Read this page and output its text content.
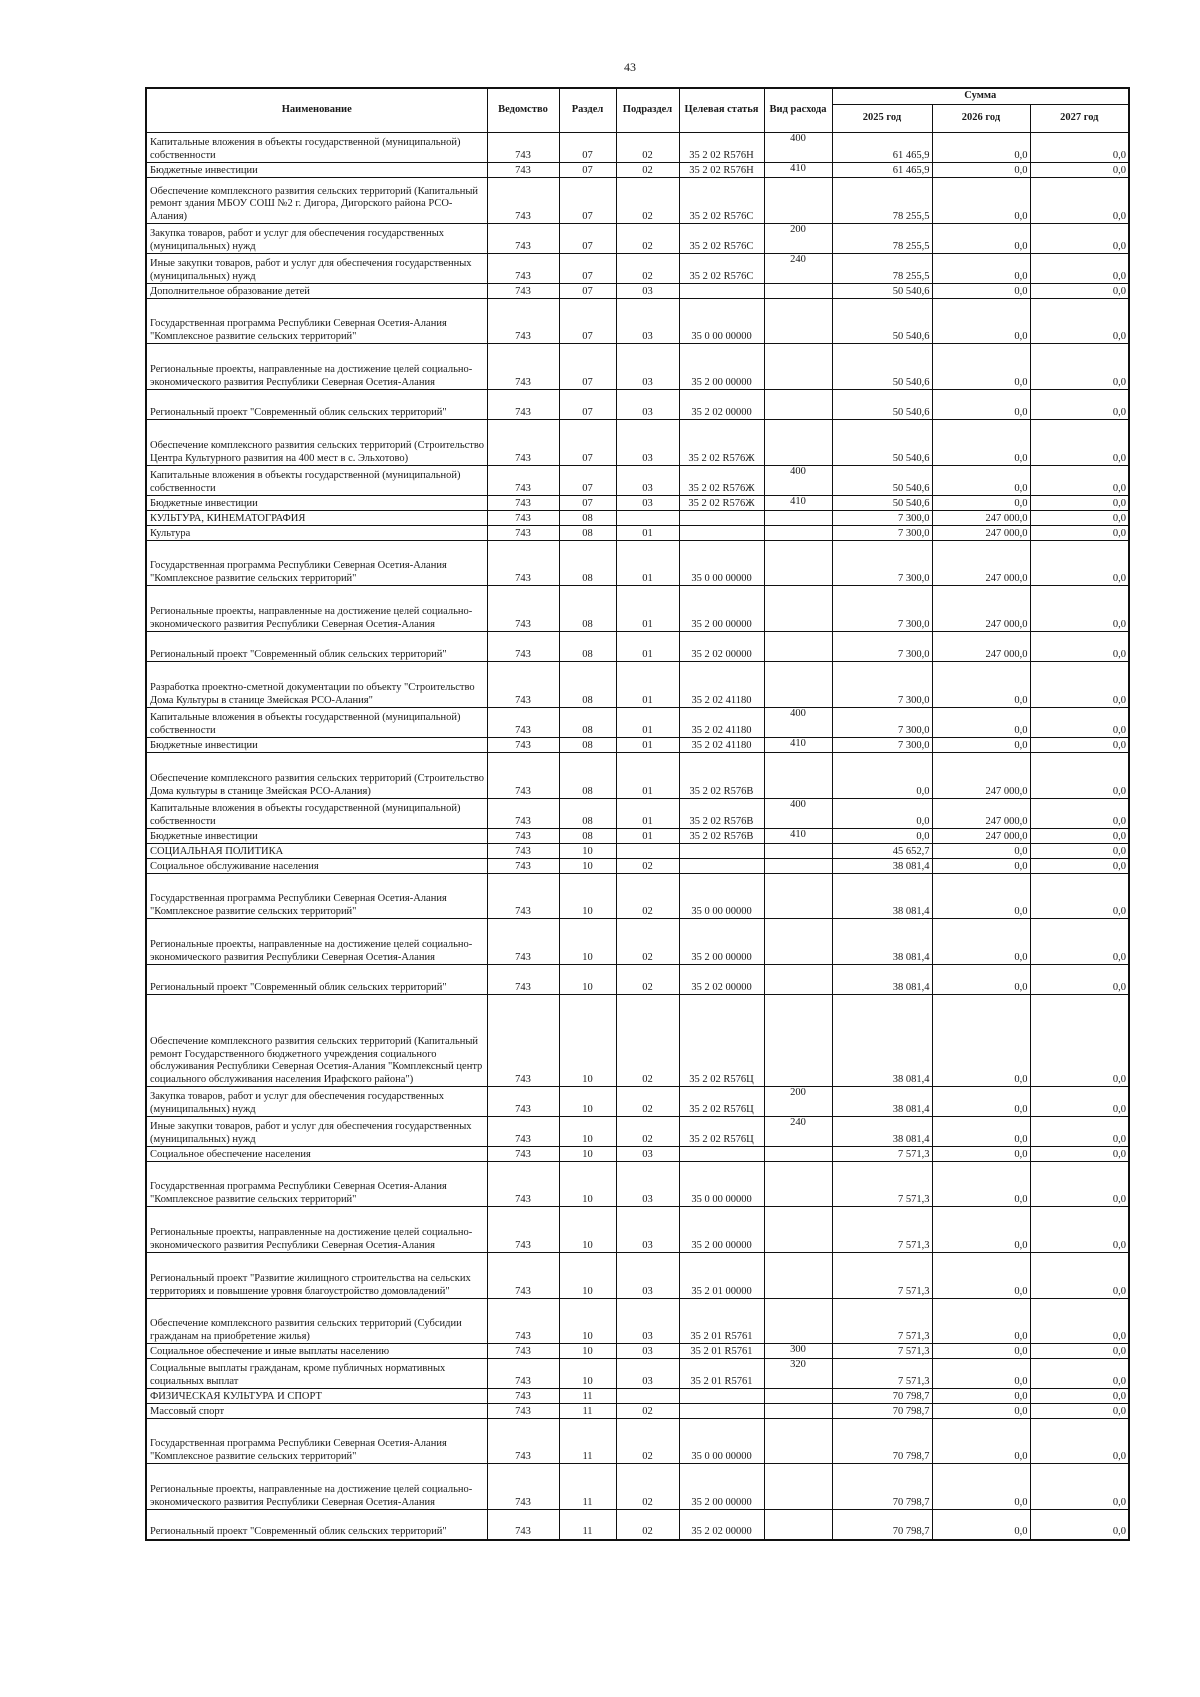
43
Наименование	Ведомство	Раздел	Подраздел	Целевая статья	Вид расхода	Сумма		
						2025 год	2026 год	2027 год
Капитальные вложения в объекты государственной (муниципальной) собственности	743	07	02	35 2 02 R576Н	400	61 465,9	0,0	0,0
Бюджетные инвестиции	743	07	02	35 2 02 R576Н	410	61 465,9	0,0	0,0
Обеспечение комплексного развития сельских территорий (Капитальный ремонт здания МБОУ СОШ №2 г. Дигора, Дигорского района РСО-Алания)	743	07	02	35 2 02 R576С		78 255,5	0,0	0,0
Закупка товаров, работ и услуг для обеспечения государственных (муниципальных) нужд	743	07	02	35 2 02 R576С	200	78 255,5	0,0	0,0
Иные закупки товаров, работ и услуг для обеспечения государственных (муниципальных) нужд	743	07	02	35 2 02 R576С	240	78 255,5	0,0	0,0
Дополнительное образование детей	743	07	03			50 540,6	0,0	0,0
Государственная программа Республики Северная Осетия-Алания "Комплексное развитие сельских территорий"	743	07	03	35 0 00 00000		50 540,6	0,0	0,0
Региональные проекты, направленные на достижение целей социально-экономического развития Республики Северная Осетия-Алания	743	07	03	35 2 00 00000		50 540,6	0,0	0,0
Региональный проект "Современный облик сельских территорий"	743	07	03	35 2 02 00000		50 540,6	0,0	0,0
Обеспечение комплексного развития сельских территорий (Строительство Центра Культурного развития на 400 мест в с. Эльхотово)	743	07	03	35 2 02 R576Ж		50 540,6	0,0	0,0
Капитальные вложения в объекты государственной (муниципальной) собственности	743	07	03	35 2 02 R576Ж	400	50 540,6	0,0	0,0
Бюджетные инвестиции	743	07	03	35 2 02 R576Ж	410	50 540,6	0,0	0,0
КУЛЬТУРА, КИНЕМАТОГРАФИЯ	743	08				7 300,0	247 000,0	0,0
Культура	743	08	01			7 300,0	247 000,0	0,0
Государственная программа Республики Северная Осетия-Алания "Комплексное развитие сельских территорий"	743	08	01	35 0 00 00000		7 300,0	247 000,0	0,0
Региональные проекты, направленные на достижение целей социально-экономического развития Республики Северная Осетия-Алания	743	08	01	35 2 00 00000		7 300,0	247 000,0	0,0
Региональный проект "Современный облик сельских территорий"	743	08	01	35 2 02 00000		7 300,0	247 000,0	0,0
Разработка проектно-сметной документации по объекту "Строительство Дома Культуры в станице Змейская РСО-Алания"	743	08	01	35 2 02 41180		7 300,0	0,0	0,0
Капитальные вложения в объекты государственной (муниципальной) собственности	743	08	01	35 2 02 41180	400	7 300,0	0,0	0,0
Бюджетные инвестиции	743	08	01	35 2 02 41180	410	7 300,0	0,0	0,0
Обеспечение комплексного развития сельских территорий (Строительство Дома культуры в станице Змейская РСО-Алания)	743	08	01	35 2 02 R576В		0,0	247 000,0	0,0
Капитальные вложения в объекты государственной (муниципальной) собственности	743	08	01	35 2 02 R576В	400	0,0	247 000,0	0,0
Бюджетные инвестиции	743	08	01	35 2 02 R576В	410	0,0	247 000,0	0,0
СОЦИАЛЬНАЯ ПОЛИТИКА	743	10				45 652,7	0,0	0,0
Социальное обслуживание населения	743	10	02			38 081,4	0,0	0,0
Государственная программа Республики Северная Осетия-Алания "Комплексное развитие сельских территорий"	743	10	02	35 0 00 00000		38 081,4	0,0	0,0
Региональные проекты, направленные на достижение целей социально-экономического развития Республики Северная Осетия-Алания	743	10	02	35 2 00 00000		38 081,4	0,0	0,0
Региональный проект "Современный облик сельских территорий"	743	10	02	35 2 02 00000		38 081,4	0,0	0,0
Обеспечение комплексного развития сельских территорий (Капитальный ремонт Государственного бюджетного учреждения социального обслуживания Республики Северная Осетия-Алания "Комплексный центр социального обслуживания населения Ирафского района")	743	10	02	35 2 02 R576Ц		38 081,4	0,0	0,0
Закупка товаров, работ и услуг для обеспечения государственных (муниципальных) нужд	743	10	02	35 2 02 R576Ц	200	38 081,4	0,0	0,0
Иные закупки товаров, работ и услуг для обеспечения государственных (муниципальных) нужд	743	10	02	35 2 02 R576Ц	240	38 081,4	0,0	0,0
Социальное обеспечение населения	743	10	03			7 571,3	0,0	0,0
Государственная программа Республики Северная Осетия-Алания "Комплексное развитие сельских территорий"	743	10	03	35 0 00 00000		7 571,3	0,0	0,0
Региональные проекты, направленные на достижение целей социально-экономического развития Республики Северная Осетия-Алания	743	10	03	35 2 00 00000		7 571,3	0,0	0,0
Региональный проект "Развитие жилищного строительства на сельских территориях и повышение уровня благоустройство домовладений"	743	10	03	35 2 01 00000		7 571,3	0,0	0,0
Обеспечение комплексного развития сельских территорий (Субсидии гражданам на приобретение жилья)	743	10	03	35 2 01 R5761		7 571,3	0,0	0,0
Социальное обеспечение и иные выплаты населению	743	10	03	35 2 01 R5761	300	7 571,3	0,0	0,0
Социальные выплаты гражданам, кроме публичных нормативных социальных выплат	743	10	03	35 2 01 R5761	320	7 571,3	0,0	0,0
ФИЗИЧЕСКАЯ КУЛЬТУРА И СПОРТ	743	11				70 798,7	0,0	0,0
Массовый спорт	743	11	02			70 798,7	0,0	0,0
Государственная программа Республики Северная Осетия-Алания "Комплексное развитие сельских территорий"	743	11	02	35 0 00 00000		70 798,7	0,0	0,0
Региональные проекты, направленные на достижение целей социально-экономического развития Республики Северная Осетия-Алания	743	11	02	35 2 00 00000		70 798,7	0,0	0,0
Региональный проект "Современный облик сельских территорий"	743	11	02	35 2 02 00000		70 798,7	0,0	0,0
